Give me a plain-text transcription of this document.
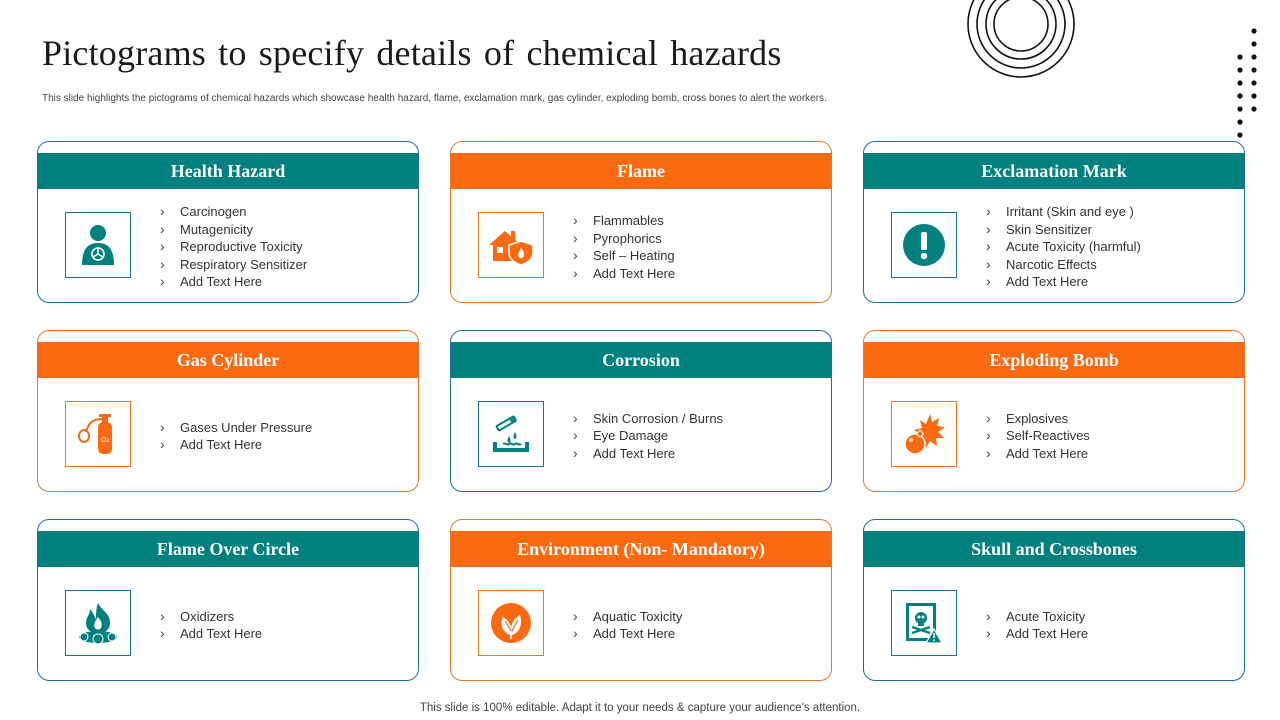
Pictograms to specify details of chemical hazards

This slide highlights the pictograms of chemical hazards which showcase health hazard, flame, exclamation mark, gas cylinder, exploding bomb, cross bones to alert the workers.

Health Hazard
› Carcinogen
› Mutagenicity
› Reproductive Toxicity
› Respiratory Sensitizer
› Add Text Here
Flame
› Flammables
› Pyrophorics
› Self – Heating
› Add Text Here
Exclamation Mark
› Irritant (Skin and eye )
› Skin Sensitizer
› Acute Toxicity (harmful)
› Narcotic Effects
› Add Text Here
Gas Cylinder
O₂
› Gases Under Pressure
› Add Text Here
Corrosion
› Skin Corrosion / Burns
› Eye Damage
› Add Text Here
Exploding Bomb
› Explosives
› Self-Reactives
› Add Text Here
Flame Over Circle
› Oxidizers
› Add Text Here
Environment (Non- Mandatory)
› Aquatic Toxicity
› Add Text Here
Skull and Crossbones
› Acute Toxicity
› Add Text Here

This slide is 100% editable. Adapt it to your needs & capture your audience’s attention.
